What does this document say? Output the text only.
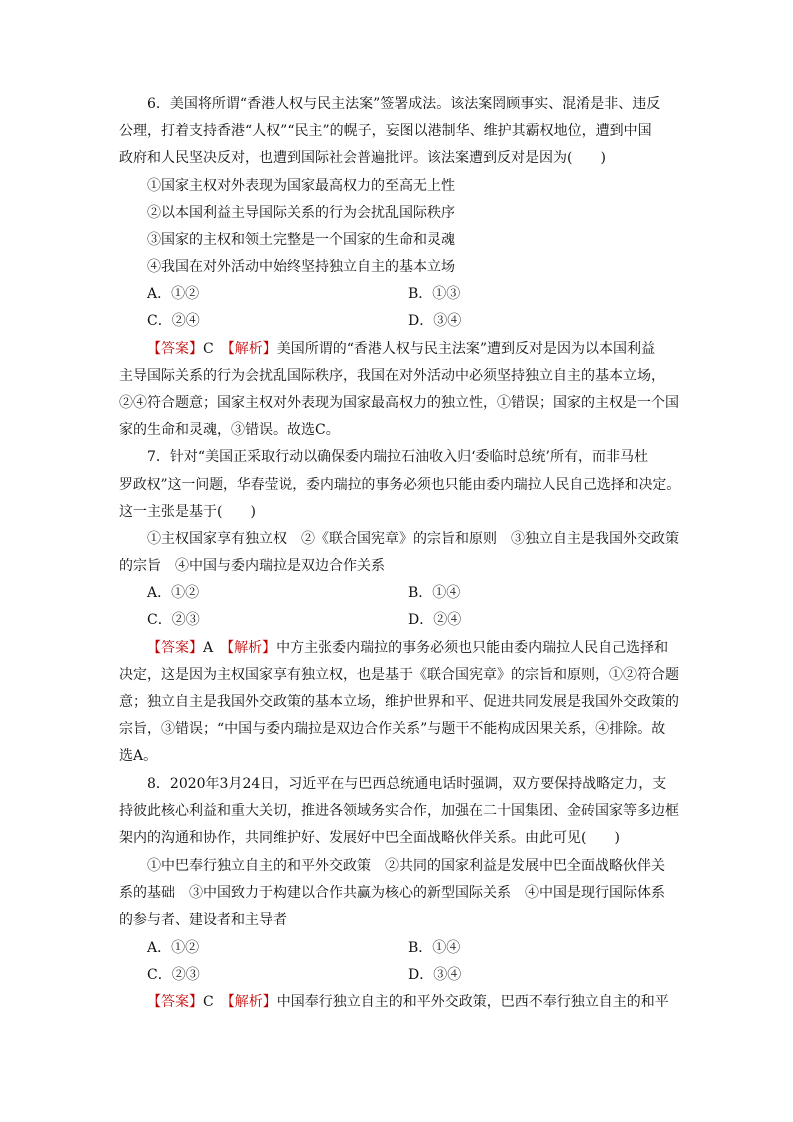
6．美国将所谓“香港人权与民主法案”签署成法。该法案罔顾事实、混淆是非、违反
公理，打着支持香港“人权”“民主”的幌子，妄图以港制华、维护其霸权地位，遭到中国
政府和人民坚决反对，也遭到国际社会普遍批评。该法案遭到反对是因为(　　)
①国家主权对外表现为国家最高权力的至高无上性
②以本国利益主导国际关系的行为会扰乱国际秩序
③国家的主权和领土完整是一个国家的生命和灵魂
④我国在对外活动中始终坚持独立自主的基本立场
A．①②	B．①③
C．②④	D．③④
【答案】C　 【解析】美国所谓的“香港人权与民主法案”遭到反对是因为以本国利益
主导国际关系的行为会扰乱国际秩序，我国在对外活动中必须坚持独立自主的基本立场，
②④符合题意；国家主权对外表现为国家最高权力的独立性，①错误；国家的主权是一个国
家的生命和灵魂，③错误。故选C。
7．针对“美国正采取行动以确保委内瑞拉石油收入归‘委临时总统’所有，而非马杜
罗政权”这一问题，华春莹说，委内瑞拉的事务必须也只能由委内瑞拉人民自己选择和决定。
这一主张是基于(　　)
①主权国家享有独立权　②《联合国宪章》的宗旨和原则　③独立自主是我国外交政策
的宗旨　④中国与委内瑞拉是双边合作关系
A．①②	B．①④
C．②③	D．②④
【答案】A　 【解析】中方主张委内瑞拉的事务必须也只能由委内瑞拉人民自己选择和
决定，这是因为主权国家享有独立权，也是基于《联合国宪章》的宗旨和原则，①②符合题
意；独立自主是我国外交政策的基本立场，维护世界和平、促进共同发展是我国外交政策的
宗旨，③错误；“中国与委内瑞拉是双边合作关系”与题干不能构成因果关系，④排除。故
选A。
8．2020年3月24日，习近平在与巴西总统通电话时强调，双方要保持战略定力，支
持彼此核心利益和重大关切，推进各领域务实合作，加强在二十国集团、金砖国家等多边框
架内的沟通和协作，共同维护好、发展好中巴全面战略伙伴关系。由此可见(　　)
①中巴奉行独立自主的和平外交政策　②共同的国家利益是发展中巴全面战略伙伴关
系的基础　③中国致力于构建以合作共赢为核心的新型国际关系　④中国是现行国际体系
的参与者、建设者和主导者
A．①②	B．①④
C．②③	D．③④
【答案】C　 【解析】中国奉行独立自主的和平外交政策，巴西不奉行独立自主的和平
